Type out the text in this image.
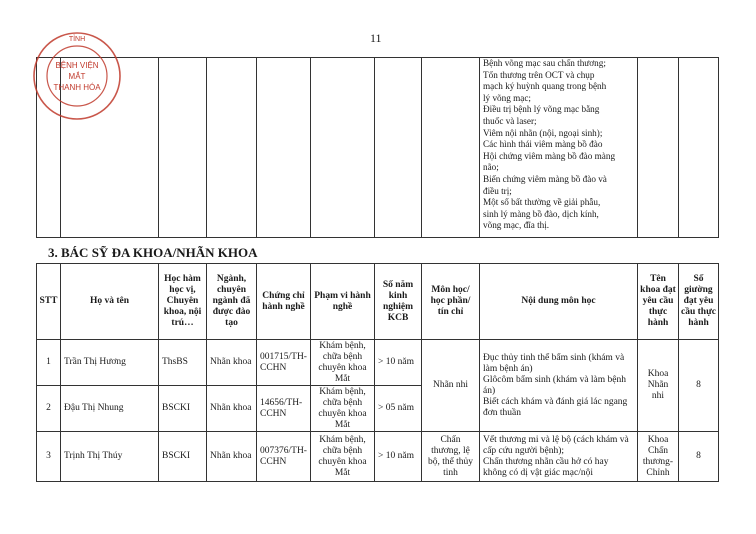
11

Bệnh võng mạc sau chấn thương;
Tổn thương trên OCT và chụp
mạch ký huỳnh quang trong bệnh
lý võng mạc;
Điều trị bệnh lý võng mạc bằng
thuốc và laser;
Viêm nội nhãn (nội, ngoại sinh);
Các hình thái viêm màng bồ đào
Hội chứng viêm màng bồ đào màng
não;
Biến chứng viêm màng bồ đào và
điều trị;
Một số bất thường về giải phẫu,
sinh lý màng bồ đào, dịch kính,
võng mạc, đĩa thị.

TỈNH
BỆNH VIỆN
MẮT
THANH HÓA
3. BÁC SỸ ĐA KHOA/NHÃN KHOA
STT	Họ và tên	Học hàm học vị, Chuyên khoa, nội trú…	Ngành, chuyên ngành đã được đào tạo	Chứng chỉ hành nghề	Phạm vi hành nghề	Số năm kinh nghiệm KCB	Môn học/ học phần/ tín chỉ	Nội dung môn học	Tên khoa đạt yêu cầu thực hành	Số giường đạt yêu cầu thực hành
1	Trần Thị Hương	ThsBS	Nhãn khoa	001715/TH-CCHN	Khám bệnh, chữa bệnh chuyên khoa Mắt	> 10 năm	Nhãn nhi	Đục thủy tinh thể bẩm sinh (khám và làm bệnh án)
Glôcôm bẩm sinh (khám và làm bệnh án)
Biết cách khám và đánh giá lác ngang đơn thuần	Khoa Nhãn nhi	8
2	Đậu Thị Nhung	BSCKI	Nhãn khoa	14656/TH-CCHN	Khám bệnh, chữa bệnh chuyên khoa Mắt	> 05 năm				
3	Trịnh Thị Thúy	BSCKI	Nhãn khoa	007376/TH-CCHN	Khám bệnh, chữa bệnh chuyên khoa Mắt	> 10 năm	Chấn thương, lệ bộ, thể thủy tinh	Vết thương mi và lệ bộ (cách khám và cấp cứu người bệnh);
Chấn thương nhãn cầu hở có hay không có dị vật giác mạc/nội	Khoa Chấn thương-Chỉnh	8
